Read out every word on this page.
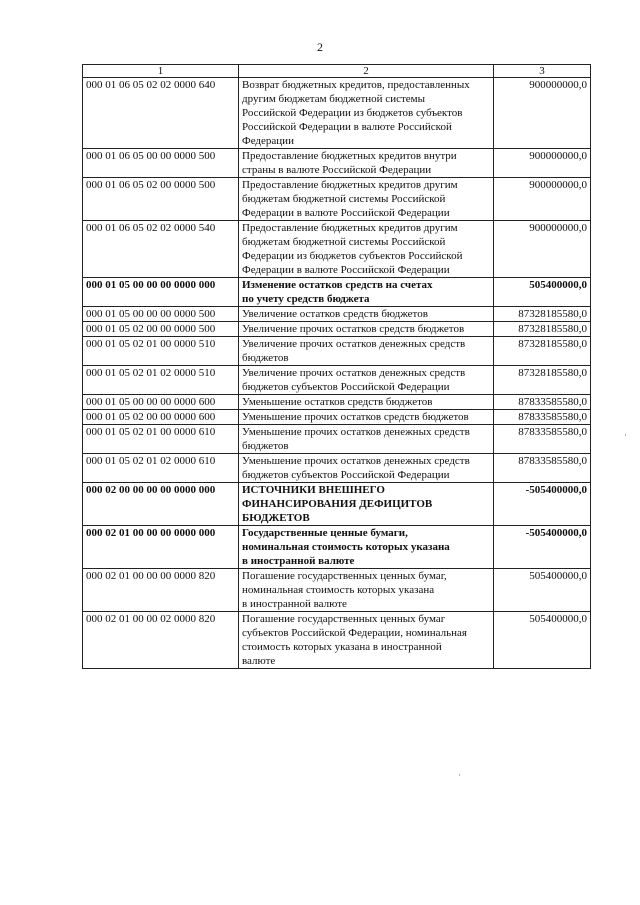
2
1	2	3
000 01 06 05 02 02 0000 640	Возврат бюджетных кредитов, предоставленных
другим бюджетам бюджетной системы
Российской Федерации из бюджетов субъектов
Российской Федерации в валюте Российской
Федерации	900000000,0
000 01 06 05 00 00 0000 500	Предоставление бюджетных кредитов внутри
страны в валюте Российской Федерации	900000000,0
000 01 06 05 02 00 0000 500	Предоставление бюджетных кредитов другим
бюджетам бюджетной системы Российской
Федерации в валюте Российской Федерации	900000000,0
000 01 06 05 02 02 0000 540	Предоставление бюджетных кредитов другим
бюджетам бюджетной системы Российской
Федерации из бюджетов субъектов Российской
Федерации в валюте Российской Федерации	900000000,0
000 01 05 00 00 00 0000 000	Изменение остатков средств на счетах
по учету средств бюджета	505400000,0
000 01 05 00 00 00 0000 500	Увеличение остатков средств бюджетов	87328185580,0
000 01 05 02 00 00 0000 500	Увеличение прочих остатков средств бюджетов	87328185580,0
000 01 05 02 01 00 0000 510	Увеличение прочих остатков денежных средств
бюджетов	87328185580,0
000 01 05 02 01 02 0000 510	Увеличение прочих остатков денежных средств
бюджетов субъектов Российской Федерации	87328185580,0
000 01 05 00 00 00 0000 600	Уменьшение остатков средств бюджетов	87833585580,0
000 01 05 02 00 00 0000 600	Уменьшение прочих остатков средств бюджетов	87833585580,0
000 01 05 02 01 00 0000 610	Уменьшение прочих остатков денежных средств
бюджетов	87833585580,0
000 01 05 02 01 02 0000 610	Уменьшение прочих остатков денежных средств
бюджетов субъектов Российской Федерации	87833585580,0
000 02 00 00 00 00 0000 000	ИСТОЧНИКИ ВНЕШНЕГО
ФИНАНСИРОВАНИЯ ДЕФИЦИТОВ
БЮДЖЕТОВ	-505400000,0
000 02 01 00 00 00 0000 000	Государственные ценные бумаги,
номинальная стоимость которых указана
в иностранной валюте	-505400000,0
000 02 01 00 00 00 0000 820	Погашение государственных ценных бумаг,
номинальная стоимость которых указана
в иностранной валюте	505400000,0
000 02 01 00 00 02 0000 820	Погашение государственных ценных бумаг
субъектов Российской Федерации, номинальная
стоимость которых указана в иностранной
валюте	505400000,0
·
·
